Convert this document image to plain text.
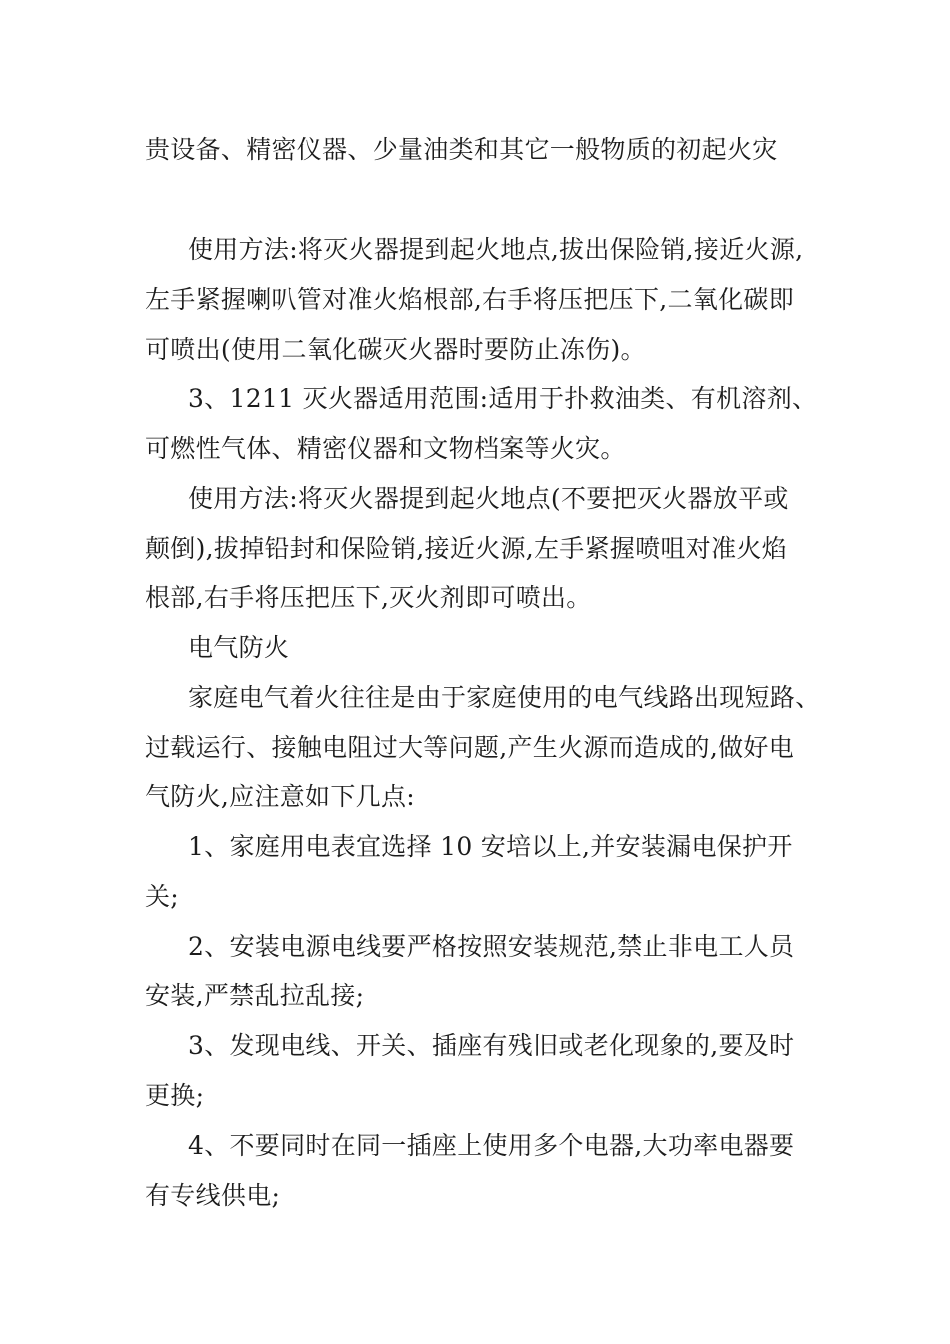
贵设备、精密仪器、少量油类和其它一般物质的初起火灾
使用方法:将灭火器提到起火地点,拔出保险销,接近火源,
左手紧握喇叭管对准火焰根部,右手将压把压下,二氧化碳即
可喷出(使用二氧化碳灭火器时要防止冻伤)。
3、1211 灭火器适用范围:适用于扑救油类、有机溶剂、
可燃性气体、精密仪器和文物档案等火灾。
使用方法:将灭火器提到起火地点(不要把灭火器放平或
颠倒),拔掉铅封和保险销,接近火源,左手紧握喷咀对准火焰
根部,右手将压把压下,灭火剂即可喷出。
电气防火
家庭电气着火往往是由于家庭使用的电气线路出现短路、
过载运行、接触电阻过大等问题,产生火源而造成的,做好电
气防火,应注意如下几点:
1、家庭用电表宜选择 10 安培以上,并安装漏电保护开
关;
2、安装电源电线要严格按照安装规范,禁止非电工人员
安装,严禁乱拉乱接;
3、发现电线、开关、插座有残旧或老化现象的,要及时
更换;
4、不要同时在同一插座上使用多个电器,大功率电器要
有专线供电;
